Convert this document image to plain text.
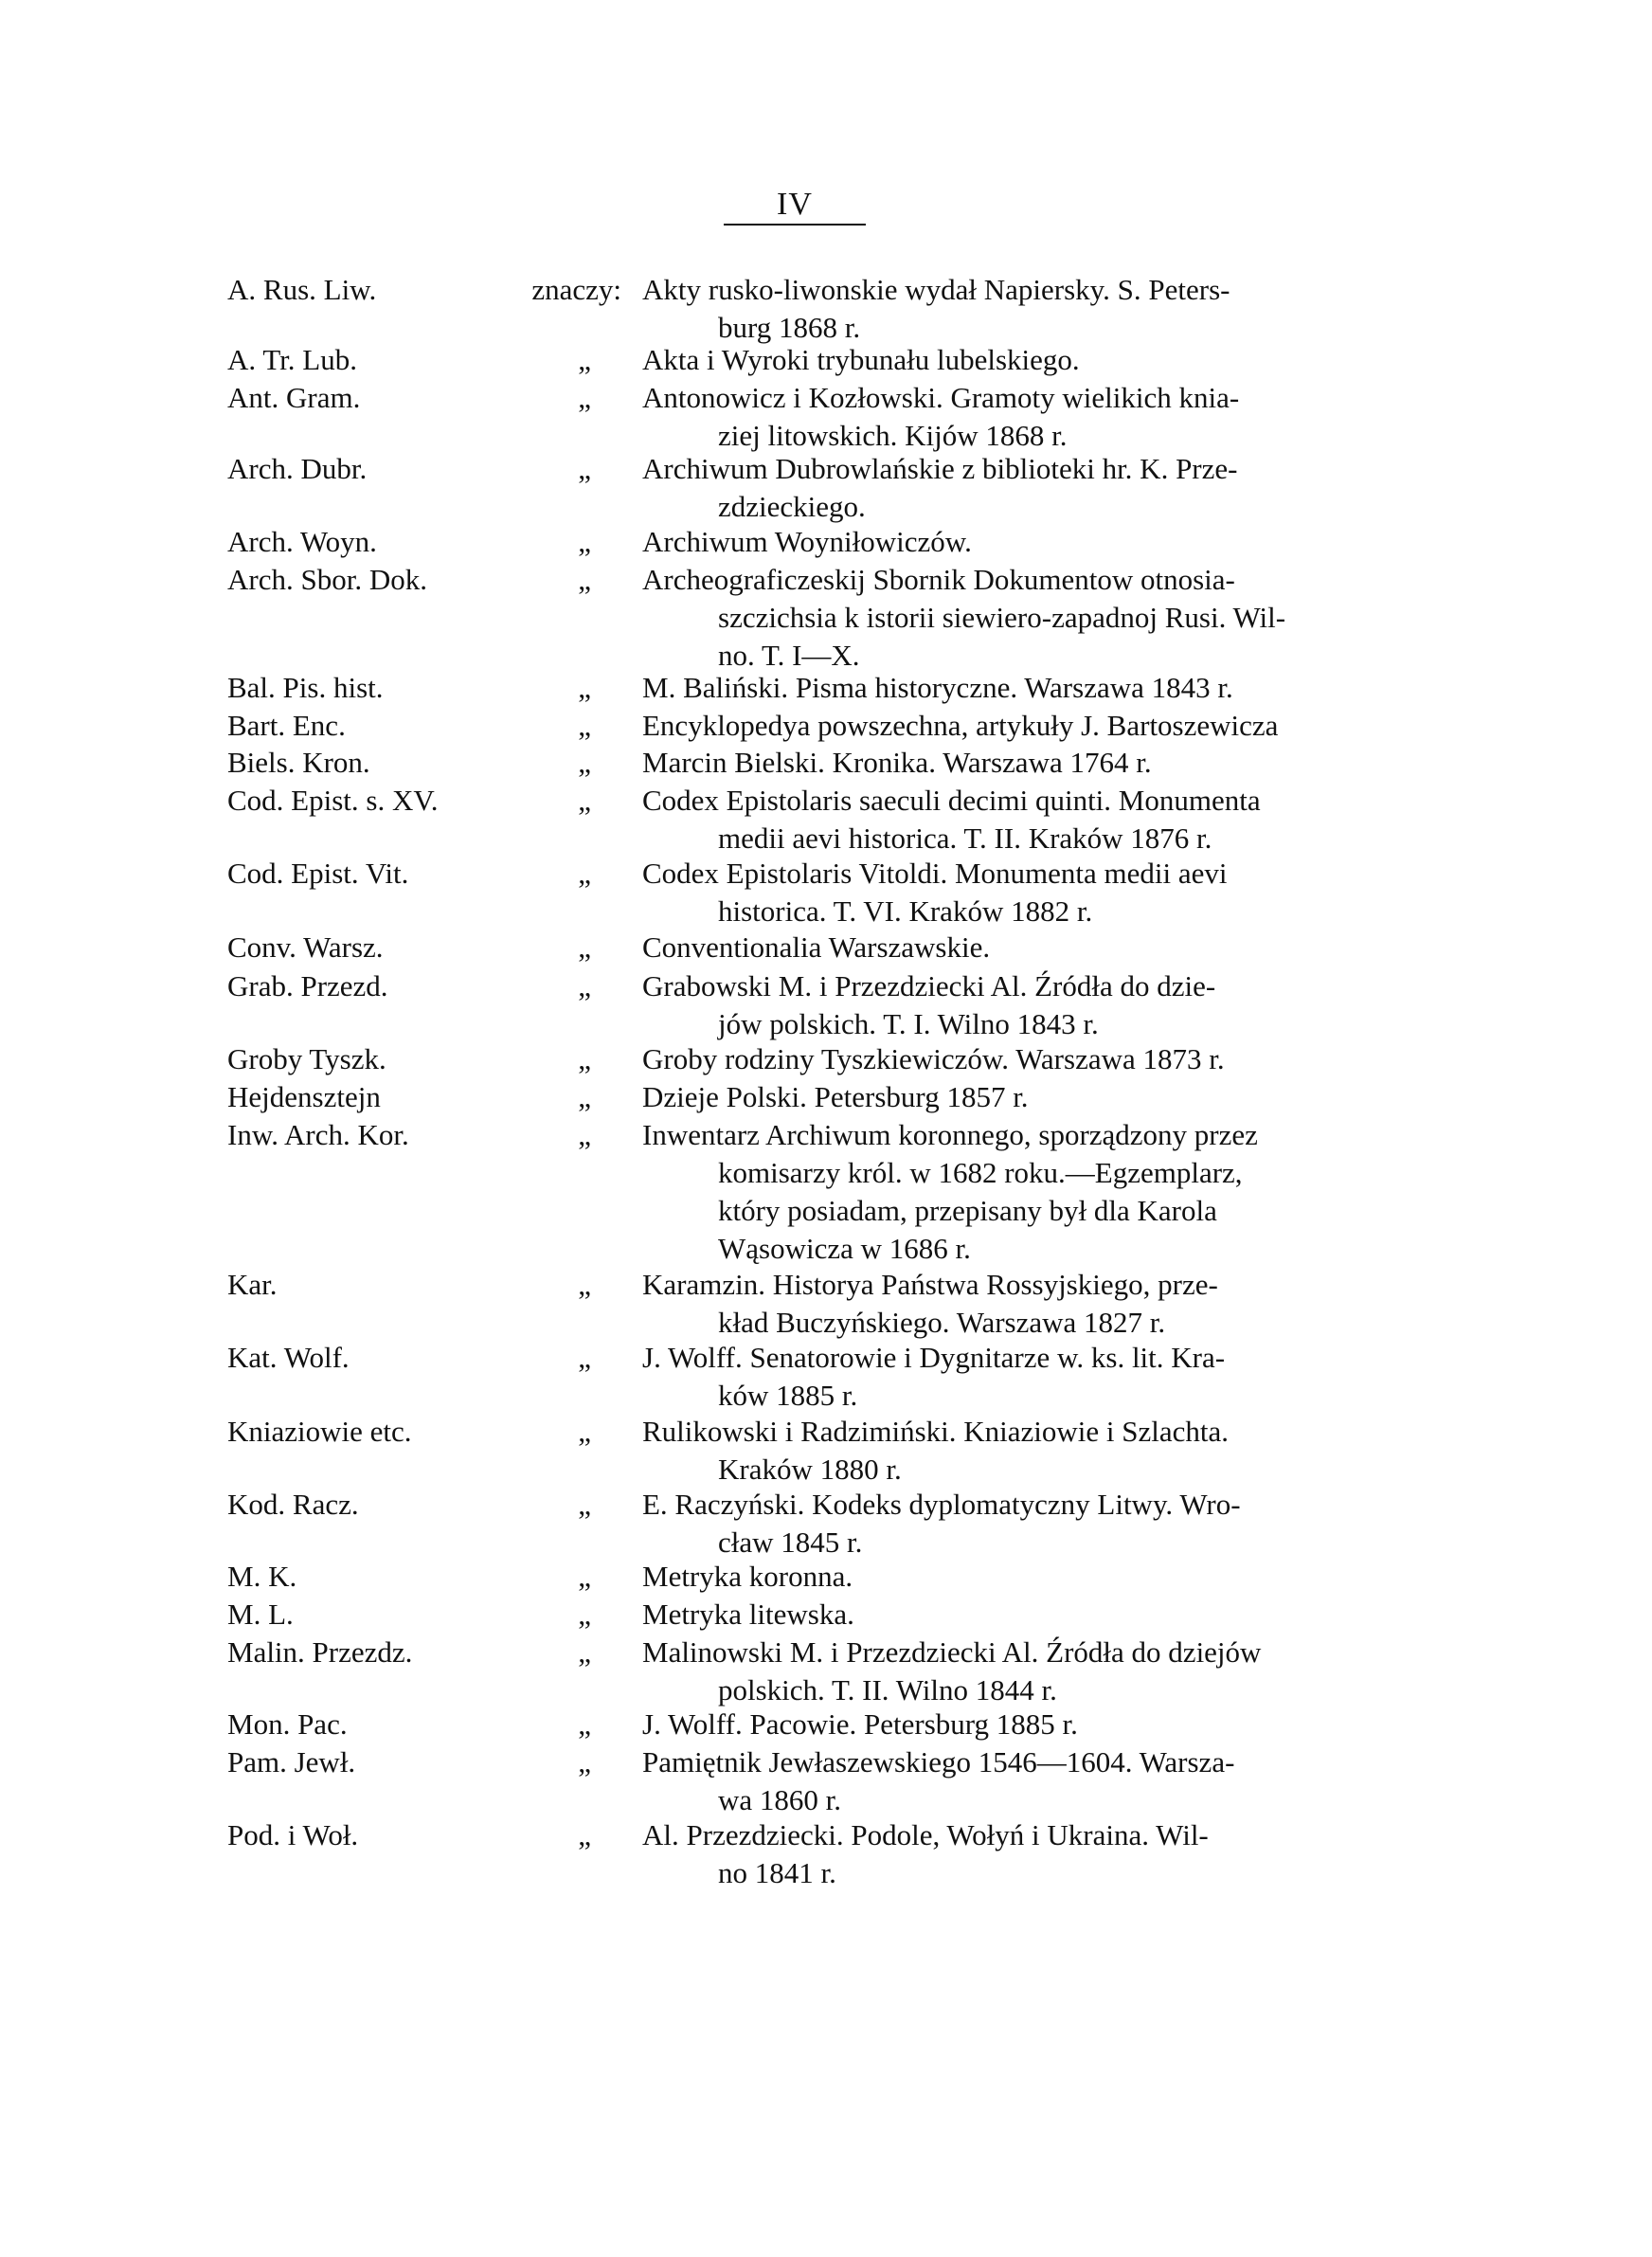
IV
A. Rus. Liw.	znaczy: Akty rusko-liwonskie wydał Napiersky. S. Peters-
burg 1868 r.
A. Tr. Lub.	„ Akta i Wyroki trybunału lubelskiego.
Ant. Gram.	„ Antonowicz i Kozłowski. Gramoty wielikich knia-
ziej litowskich. Kijów 1868 r.
Arch. Dubr.	„ Archiwum Dubrowlańskie z biblioteki hr. K. Prze-
zdzieckiego.
Arch. Woyn.	„ Archiwum Woyniłowiczów.
Arch. Sbor. Dok.	„ Archeograficzeskij Sbornik Dokumentow otnosia-
szczichsia k istorii siewiero-zapadnoj Rusi. Wil-
no. T. I—X.
Bal. Pis. hist.	„ M. Baliński. Pisma historyczne. Warszawa 1843 r.
Bart. Enc.	„ Encyklopedya powszechna, artykuły J. Bartoszewicza
Biels. Kron.	„ Marcin Bielski. Kronika. Warszawa 1764 r.
Cod. Epist. s. XV.	„ Codex Epistolaris saeculi decimi quinti. Monumenta
medii aevi historica. T. II. Kraków 1876 r.
Cod. Epist. Vit.	„ Codex Epistolaris Vitoldi. Monumenta medii aevi
historica. T. VI. Kraków 1882 r.
Conv. Warsz.	„ Conventionalia Warszawskie.
Grab. Przezd.	„ Grabowski M. i Przezdziecki Al. Źródła do dzie-
jów polskich. T. I. Wilno 1843 r.
Groby Tyszk.	„ Groby rodziny Tyszkiewiczów. Warszawa 1873 r.
Hejdensztejn	„ Dzieje Polski. Petersburg 1857 r.
Inw. Arch. Kor.	„ Inwentarz Archiwum koronnego, sporządzony przez
komisarzy król. w 1682 roku.—Egzemplarz,
który posiadam, przepisany był dla Karola
Wąsowicza w 1686 r.
Kar.	„ Karamzin. Historya Państwa Rossyjskiego, prze-
kład Buczyńskiego. Warszawa 1827 r.
Kat. Wolf.	„ J. Wolff. Senatorowie i Dygnitarze w. ks. lit. Kra-
ków 1885 r.
Kniaziowie etc.	„ Rulikowski i Radzimiński. Kniaziowie i Szlachta.
Kraków 1880 r.
Kod. Racz.	„ E. Raczyński. Kodeks dyplomatyczny Litwy. Wro-
cław 1845 r.
M. K.	„ Metryka koronna.
M. L.	„ Metryka litewska.
Malin. Przezdz.	„ Malinowski M. i Przezdziecki Al. Źródła do dziejów
polskich. T. II. Wilno 1844 r.
Mon. Pac.	„ J. Wolff. Pacowie. Petersburg 1885 r.
Pam. Jewł.	„ Pamiętnik Jewłaszewskiego 1546—1604. Warsza-
wa 1860 r.
Pod. i Woł.	„ Al. Przezdziecki. Podole, Wołyń i Ukraina. Wil-
no 1841 r.
